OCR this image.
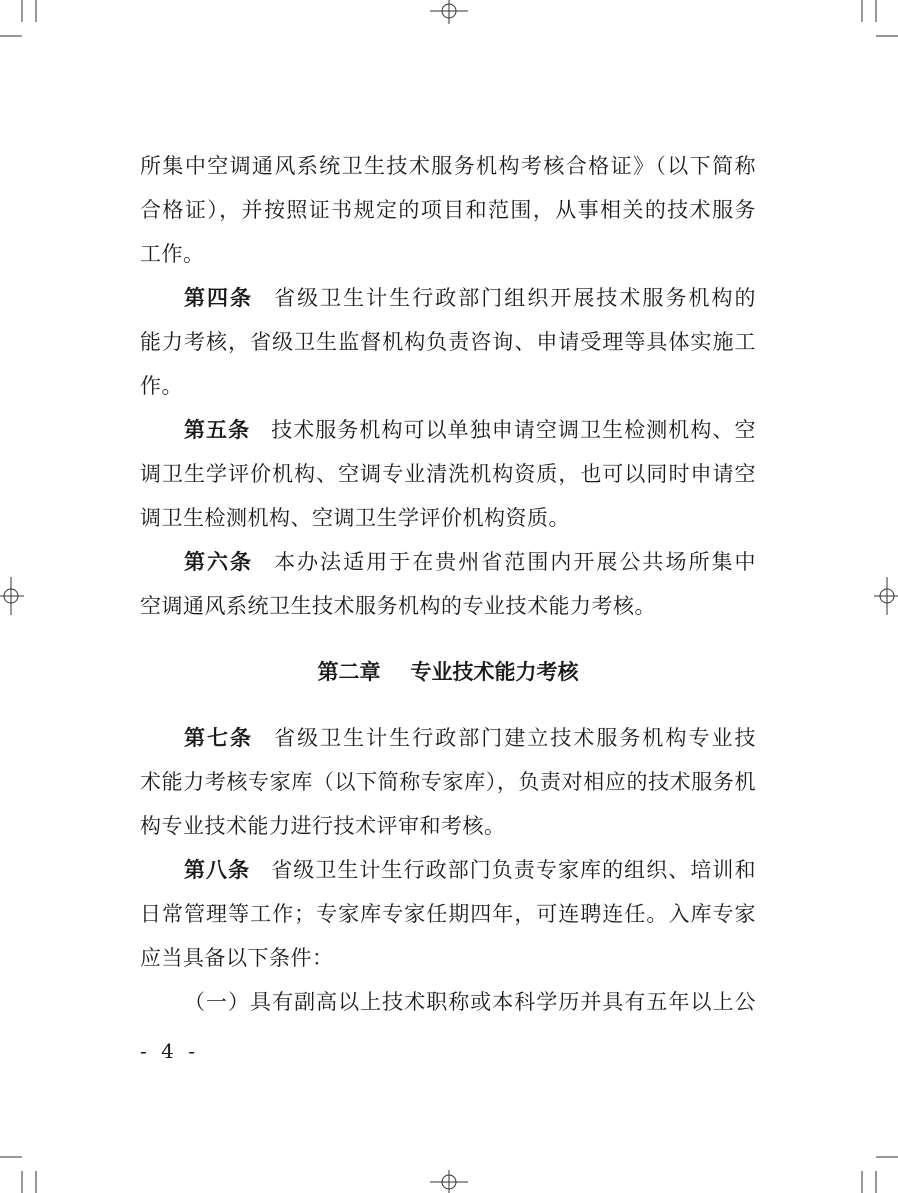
所集中空调通风系统卫生技术服务机构考核合格证》（以下简称
合格证），并按照证书规定的项目和范围，从事相关的技术服务
工作。
第四条 省级卫生计生行政部门组织开展技术服务机构的
能力考核，省级卫生监督机构负责咨询、申请受理等具体实施工
作。
第五条 技术服务机构可以单独申请空调卫生检测机构、空
调卫生学评价机构、空调专业清洗机构资质，也可以同时申请空
调卫生检测机构、空调卫生学评价机构资质。
第六条 本办法适用于在贵州省范围内开展公共场所集中
空调通风系统卫生技术服务机构的专业技术能力考核。
第二章 专业技术能力考核
第七条 省级卫生计生行政部门建立技术服务机构专业技
术能力考核专家库（以下简称专家库），负责对相应的技术服务机
构专业技术能力进行技术评审和考核。
第八条 省级卫生计生行政部门负责专家库的组织、培训和
日常管理等工作；专家库专家任期四年，可连聘连任。入库专家
应当具备以下条件：
（一）具有副高以上技术职称或本科学历并具有五年以上公
- 4 -
